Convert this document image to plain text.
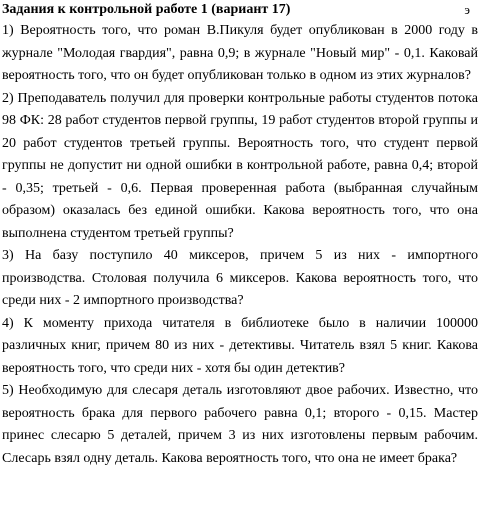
Задания к контрольной работе 1 (вариант 17)	э

1) Вероятность того, что роман В.Пикуля будет опубликован в 2000 году в журнале "Молодая гвардия", равна 0,9; в журнале "Новый мир" - 0,1. Каковай вероятность того, что он будет опубликован только в одном из этих журналов?

2) Преподаватель получил для проверки контрольные работы студентов потока 98 ФК: 28 работ студентов первой группы, 19 работ студентов второй группы и 20 работ студентов третьей группы. Вероятность того, что студент первой группы не допустит ни одной ошибки в контрольной работе, равна 0,4; второй - 0,35; третьей - 0,6. Первая проверенная работа (выбранная случайным образом) оказалась без единой ошибки. Какова вероятность того, что она выполнена студентом третьей группы?

3) На базу поступило 40 миксеров, причем 5 из них - импортного производства. Столовая получила 6 миксеров. Какова вероятность того, что среди них - 2 импортного производства?

4) К моменту прихода читателя в библиотеке было в наличии 100000 различных книг, причем 80 из них - детективы. Читатель взял 5 книг. Какова вероятность того, что среди них - хотя бы один детектив?

5) Необходимую для слесаря деталь изготовляют двое рабочих. Известно, что вероятность брака для первого рабочего равна 0,1; второго - 0,15. Мастер принес слесарю 5 деталей, причем 3 из них изготовлены первым рабочим. Слесарь взял одну деталь. Какова вероятность того, что она не имеет брака?
